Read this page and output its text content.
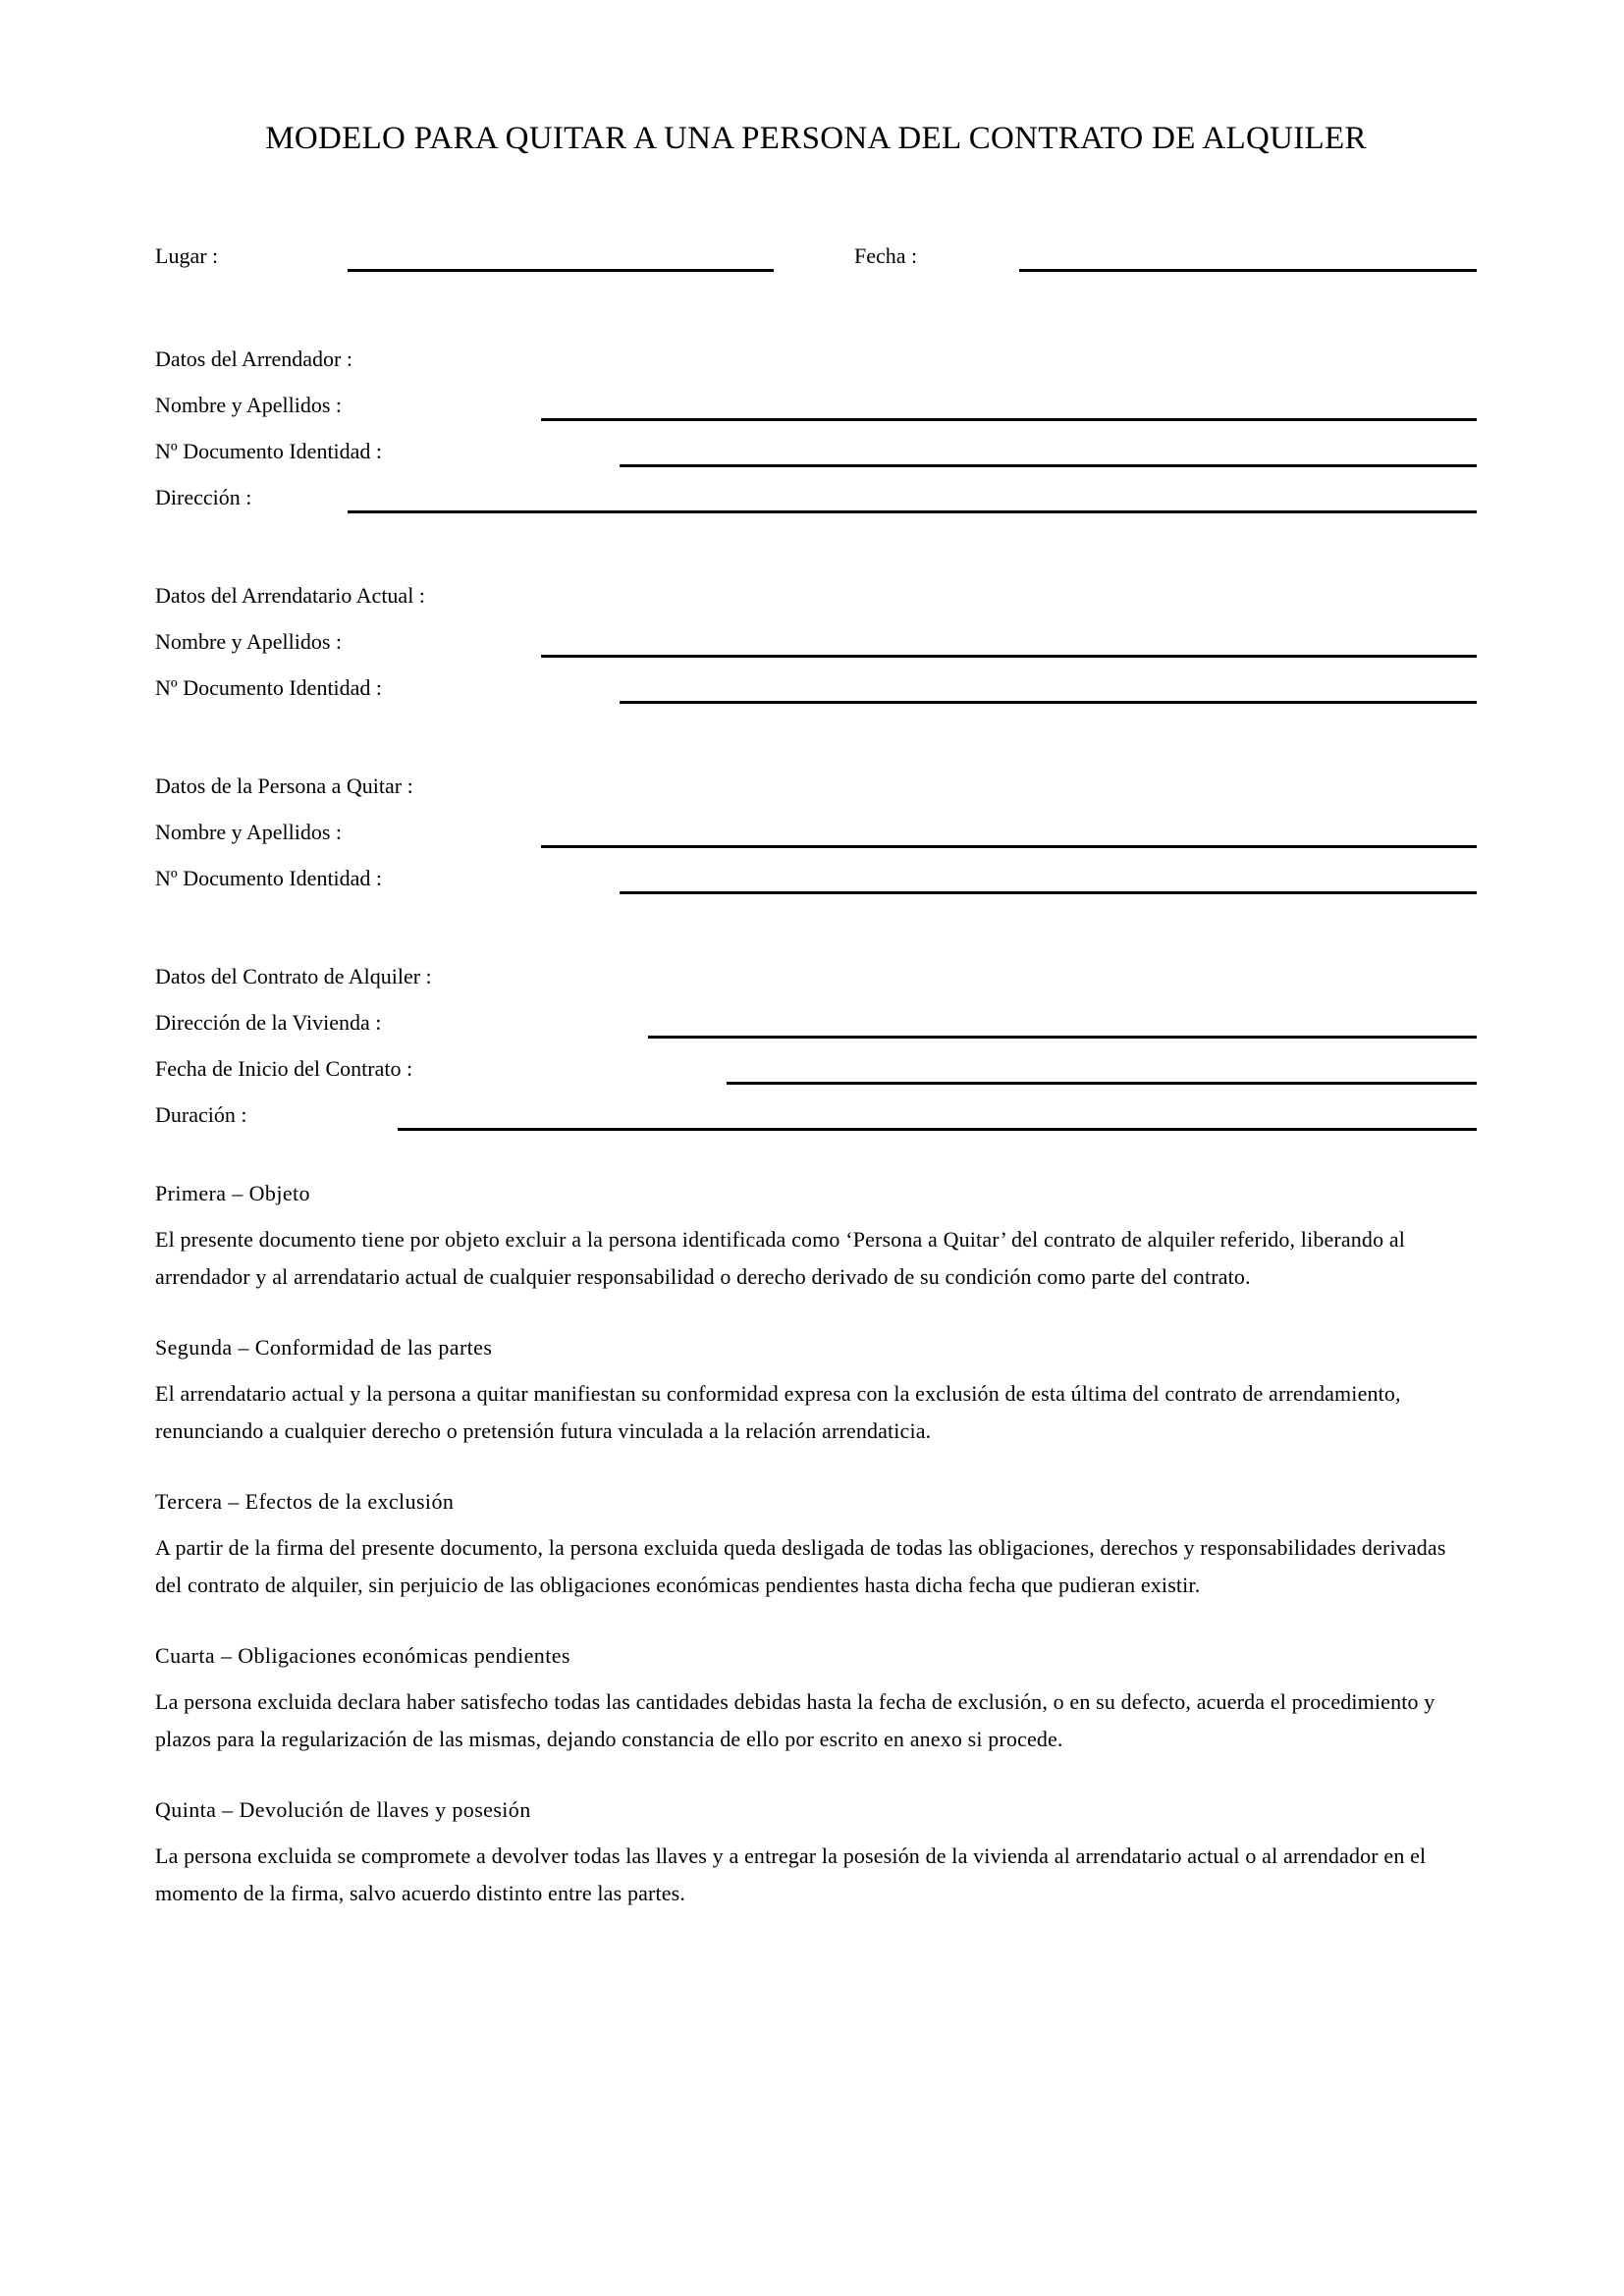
MODELO PARA QUITAR A UNA PERSONA DEL CONTRATO DE ALQUILER
Lugar :	Fecha :
Datos del Arrendador :
Nombre y Apellidos :
Nº Documento Identidad :
Dirección :
Datos del Arrendatario Actual :
Nombre y Apellidos :
Nº Documento Identidad :
Datos de la Persona a Quitar :
Nombre y Apellidos :
Nº Documento Identidad :
Datos del Contrato de Alquiler :
Dirección de la Vivienda :
Fecha de Inicio del Contrato :
Duración :
Primera – Objeto

El presente documento tiene por objeto excluir a la persona identificada como ‘Persona a Quitar’ del contrato de alquiler referido, liberando al arrendador y al arrendatario actual de cualquier responsabilidad o derecho derivado de su condición como parte del contrato.

Segunda – Conformidad de las partes

El arrendatario actual y la persona a quitar manifiestan su conformidad expresa con la exclusión de esta última del contrato de arrendamiento, renunciando a cualquier derecho o pretensión futura vinculada a la relación arrendaticia.

Tercera – Efectos de la exclusión

A partir de la firma del presente documento, la persona excluida queda desligada de todas las obligaciones, derechos y responsabilidades derivadas del contrato de alquiler, sin perjuicio de las obligaciones económicas pendientes hasta dicha fecha que pudieran existir.

Cuarta – Obligaciones económicas pendientes

La persona excluida declara haber satisfecho todas las cantidades debidas hasta la fecha de exclusión, o en su defecto, acuerda el procedimiento y plazos para la regularización de las mismas, dejando constancia de ello por escrito en anexo si procede.

Quinta – Devolución de llaves y posesión

La persona excluida se compromete a devolver todas las llaves y a entregar la posesión de la vivienda al arrendatario actual o al arrendador en el momento de la firma, salvo acuerdo distinto entre las partes.
